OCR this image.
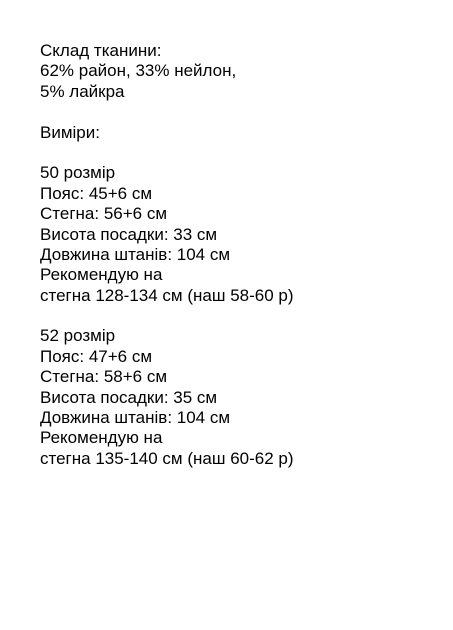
Склад тканини:
62% район, 33% нейлон,
5% лайкра
Виміри:
50 розмір
Пояс: 45+6 см
Стегна: 56+6 см
Висота посадки: 33 см
Довжина штанів: 104 см
Рекомендую на
стегна 128-134 см (наш 58-60 р)
52 розмір
Пояс: 47+6 см
Стегна: 58+6 см
Висота посадки: 35 см
Довжина штанів: 104 см
Рекомендую на
стегна 135-140 см (наш 60-62 р)
